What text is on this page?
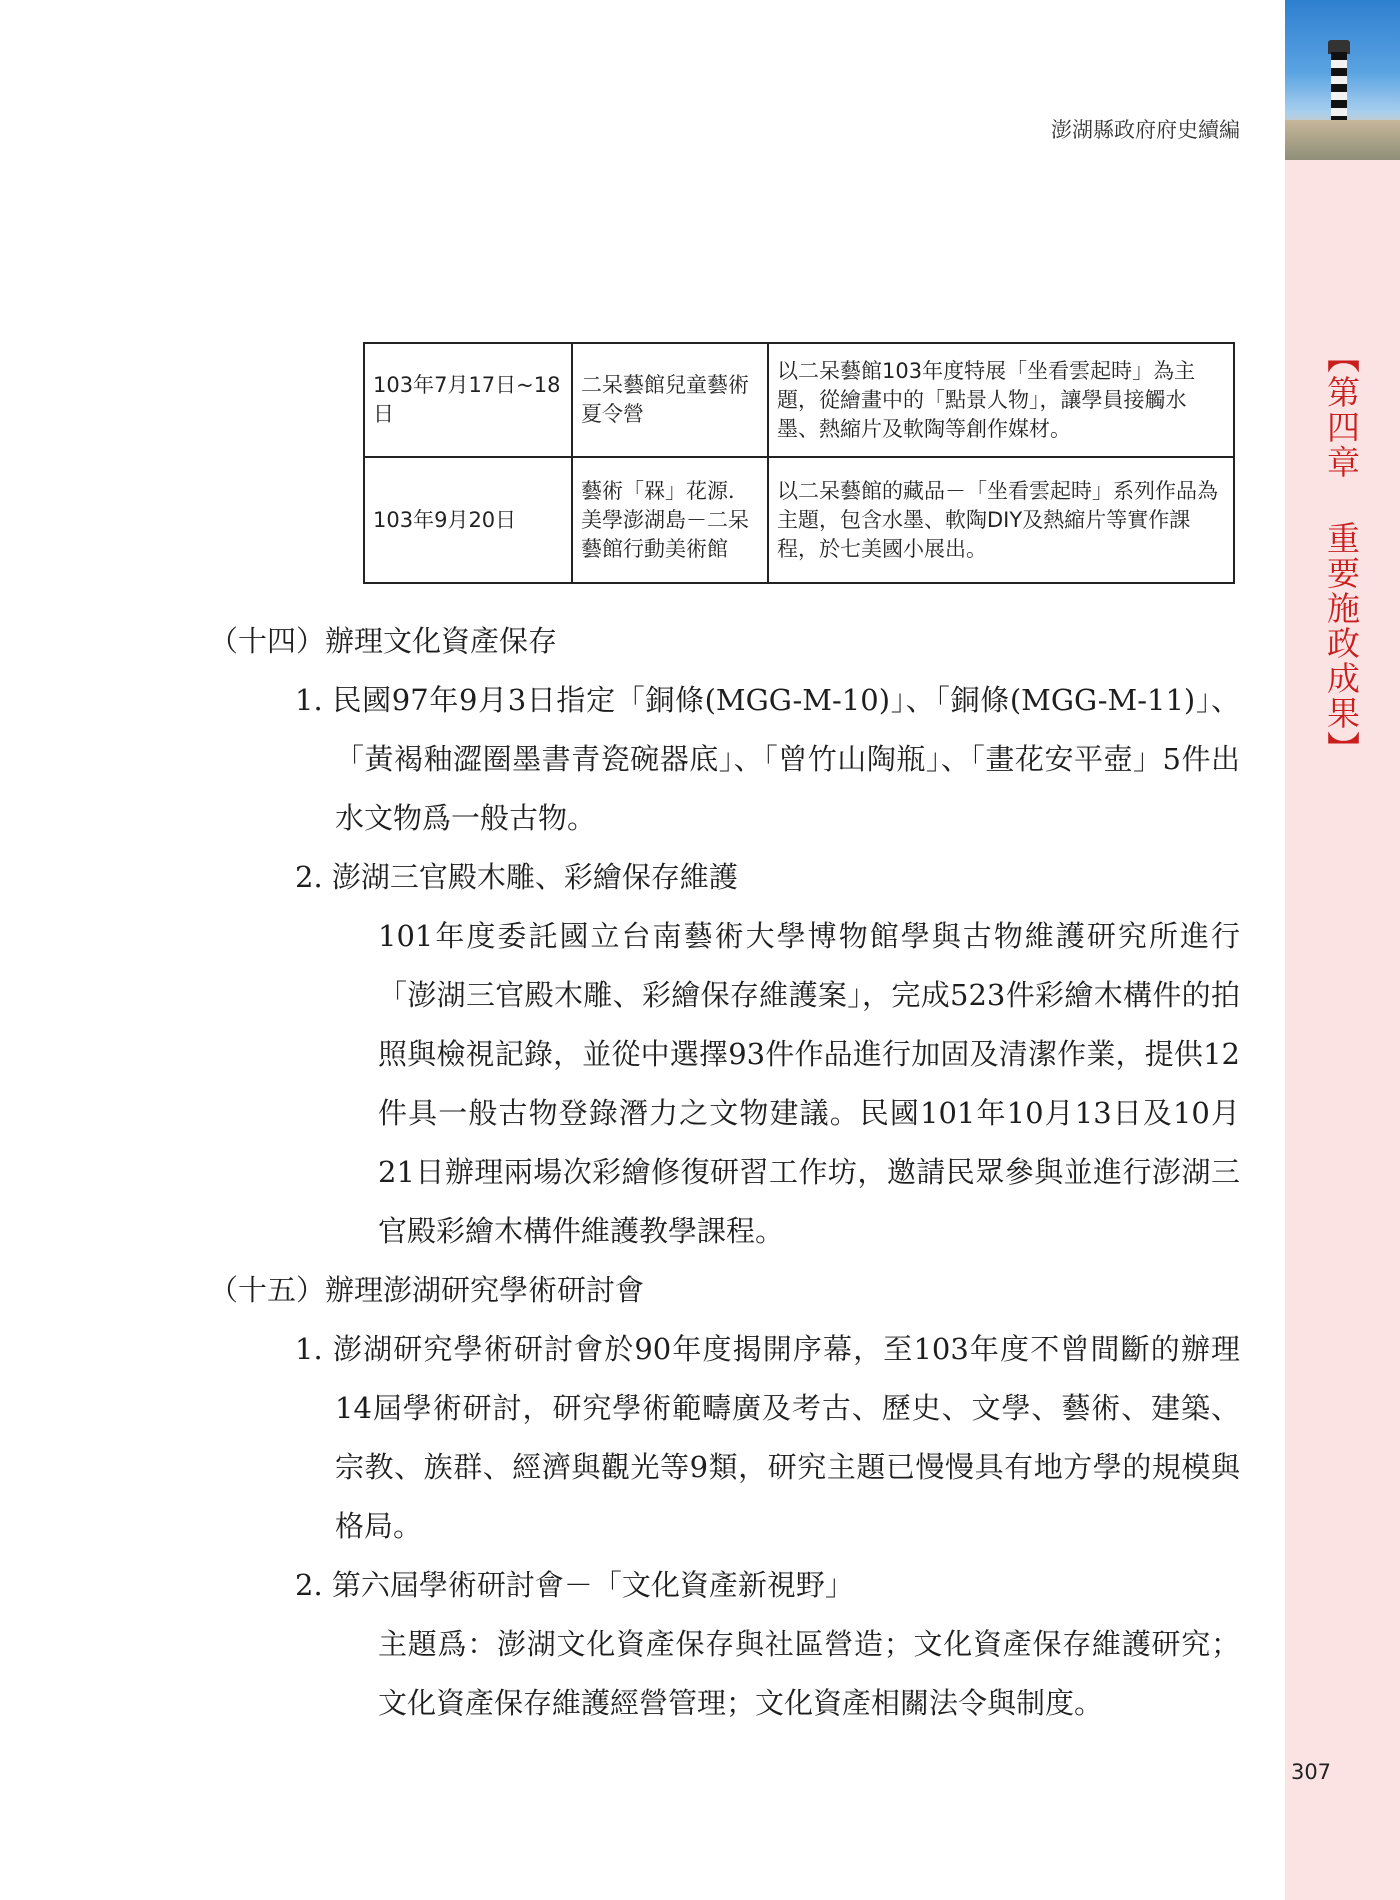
【第四章 重要施政成果】
澎湖縣政府府史續編
103年7月17日~18日	二呆藝館兒童藝術夏令營	以二呆藝館103年度特展「坐看雲起時」為主題，從繪畫中的「點景人物」，讓學員接觸水墨、熱縮片及軟陶等創作媒材。
103年9月20日	藝術「槑」花源．美學澎湖島－二呆藝館行動美術館	以二呆藝館的藏品－「坐看雲起時」系列作品為主題，包含水墨、軟陶DIY及熱縮片等實作課程，於七美國小展出。

（十四）辦理文化資產保存

1. 民國97年9月3日指定「銅條(MGG-M-10)」、「銅條(MGG-M-11)」、「黃褐釉澀圈墨書青瓷碗器底」、「曾竹山陶瓶」、「畫花安平壺」5件出水文物爲一般古物。

2. 澎湖三官殿木雕、彩繪保存維護

101年度委託國立台南藝術大學博物館學與古物維護研究所進行「澎湖三官殿木雕、彩繪保存維護案」，完成523件彩繪木構件的拍照與檢視記錄，並從中選擇93件作品進行加固及清潔作業，提供12件具一般古物登錄潛力之文物建議。民國101年10月13日及10月21日辦理兩場次彩繪修復研習工作坊，邀請民眾參與並進行澎湖三官殿彩繪木構件維護教學課程。

（十五）辦理澎湖研究學術研討會

1. 澎湖研究學術研討會於90年度揭開序幕，至103年度不曾間斷的辦理14屆學術研討，研究學術範疇廣及考古、歷史、文學、藝術、建築、宗教、族群、經濟與觀光等9類，研究主題已慢慢具有地方學的規模與格局。

2. 第六屆學術研討會－「文化資產新視野」

主題爲：澎湖文化資產保存與社區營造；文化資產保存維護研究；文化資產保存維護經營管理；文化資產相關法令與制度。

307
